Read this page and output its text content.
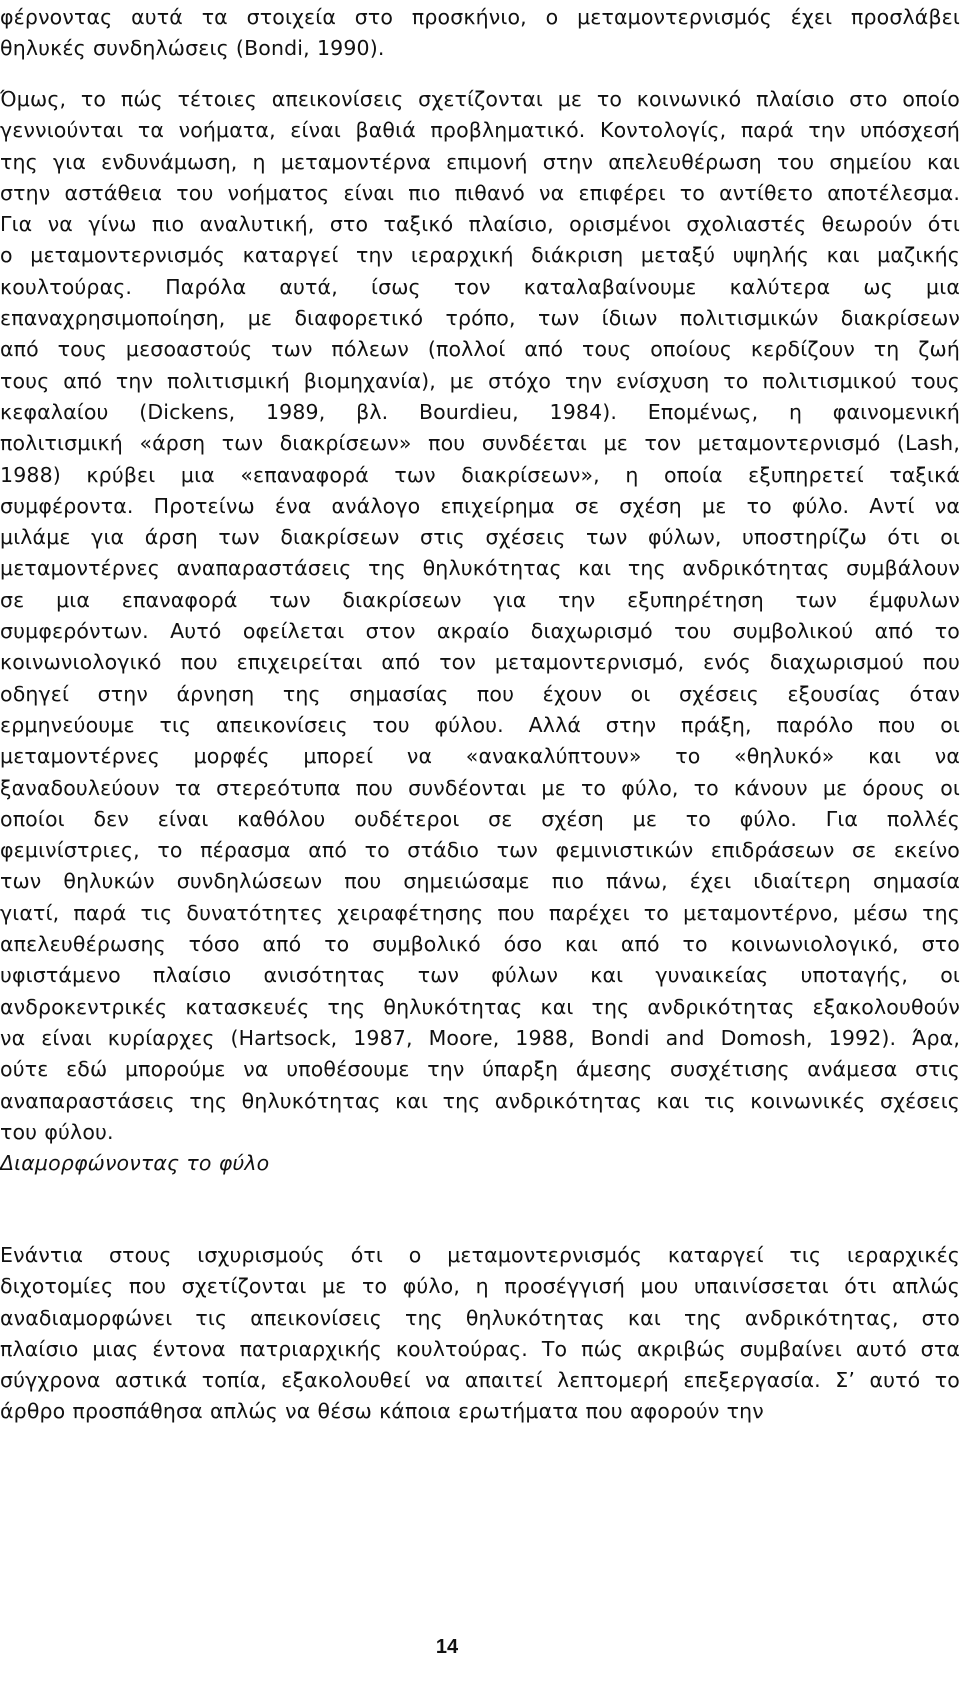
φέρνοντας αυτά τα στοιχεία στο προσκήνιο, ο μεταμοντερνισμός έχει προσλάβει
θηλυκές συνδηλώσεις (Bondi, 1990).
Όμως, το πώς τέτοιες απεικονίσεις σχετίζονται με το κοινωνικό πλαίσιο στο οποίο
γεννιούνται τα νοήματα, είναι βαθιά προβληματικό. Κοντολογίς, παρά την υπόσχεσή
της για ενδυνάμωση, η μεταμοντέρνα επιμονή στην απελευθέρωση του σημείου και
στην αστάθεια του νοήματος είναι πιο πιθανό να επιφέρει το αντίθετο αποτέλεσμα.
Για να γίνω πιο αναλυτική, στο ταξικό πλαίσιο, ορισμένοι σχολιαστές θεωρούν ότι
ο μεταμοντερνισμός καταργεί την ιεραρχική διάκριση μεταξύ υψηλής και μαζικής
κουλτούρας. Παρόλα αυτά, ίσως τον καταλαβαίνουμε καλύτερα ως μια
επαναχρησιμοποίηση, με διαφορετικό τρόπο, των ίδιων πολιτισμικών διακρίσεων
από τους μεσοαστούς των πόλεων (πολλοί από τους οποίους κερδίζουν τη ζωή
τους από την πολιτισμική βιομηχανία), με στόχο την ενίσχυση το πολιτισμικού τους
κεφαλαίου (Dickens, 1989, βλ. Bourdieu, 1984). Επομένως, η φαινομενική
πολιτισμική «άρση των διακρίσεων» που συνδέεται με τον μεταμοντερνισμό (Lash,
1988) κρύβει μια «επαναφορά των διακρίσεων», η οποία εξυπηρετεί ταξικά
συμφέροντα. Προτείνω ένα ανάλογο επιχείρημα σε σχέση με το φύλο. Αντί να
μιλάμε για άρση των διακρίσεων στις σχέσεις των φύλων, υποστηρίζω ότι οι
μεταμοντέρνες αναπαραστάσεις της θηλυκότητας και της ανδρικότητας συμβάλουν
σε μια επαναφορά των διακρίσεων για την εξυπηρέτηση των έμφυλων
συμφερόντων. Αυτό οφείλεται στον ακραίο διαχωρισμό του συμβολικού από το
κοινωνιολογικό που επιχειρείται από τον μεταμοντερνισμό, ενός διαχωρισμού που
οδηγεί στην άρνηση της σημασίας που έχουν οι σχέσεις εξουσίας όταν
ερμηνεύουμε τις απεικονίσεις του φύλου. Αλλά στην πράξη, παρόλο που οι
μεταμοντέρνες μορφές μπορεί να «ανακαλύπτουν» το «θηλυκό» και να
ξαναδουλεύουν τα στερεότυπα που συνδέονται με το φύλο, το κάνουν με όρους οι
οποίοι δεν είναι καθόλου ουδέτεροι σε σχέση με το φύλο. Για πολλές
φεμινίστριες, το πέρασμα από το στάδιο των φεμινιστικών επιδράσεων σε εκείνο
των θηλυκών συνδηλώσεων που σημειώσαμε πιο πάνω, έχει ιδιαίτερη σημασία
γιατί, παρά τις δυνατότητες χειραφέτησης που παρέχει το μεταμοντέρνο, μέσω της
απελευθέρωσης τόσο από το συμβολικό όσο και από το κοινωνιολογικό, στο
υφιστάμενο πλαίσιο ανισότητας των φύλων και γυναικείας υποταγής, οι
ανδροκεντρικές κατασκευές της θηλυκότητας και της ανδρικότητας εξακολουθούν
να είναι κυρίαρχες (Hartsock, 1987, Moore, 1988, Bondi and Domosh, 1992). Άρα,
ούτε εδώ μπορούμε να υποθέσουμε την ύπαρξη άμεσης συσχέτισης ανάμεσα στις
αναπαραστάσεις της θηλυκότητας και της ανδρικότητας και τις κοινωνικές σχέσεις
του φύλου.

Διαμορφώνοντας το φύλο

Ενάντια στους ισχυρισμούς ότι ο μεταμοντερνισμός καταργεί τις ιεραρχικές
διχοτομίες που σχετίζονται με το φύλο, η προσέγγισή μου υπαινίσσεται ότι απλώς
αναδιαμορφώνει τις απεικονίσεις της θηλυκότητας και της ανδρικότητας, στο
πλαίσιο μιας έντονα πατριαρχικής κουλτούρας. Το πώς ακριβώς συμβαίνει αυτό στα
σύγχρονα αστικά τοπία, εξακολουθεί να απαιτεί λεπτομερή επεξεργασία. Σ’ αυτό το
άρθρο προσπάθησα απλώς να θέσω κάποια ερωτήματα που αφορούν την
14
